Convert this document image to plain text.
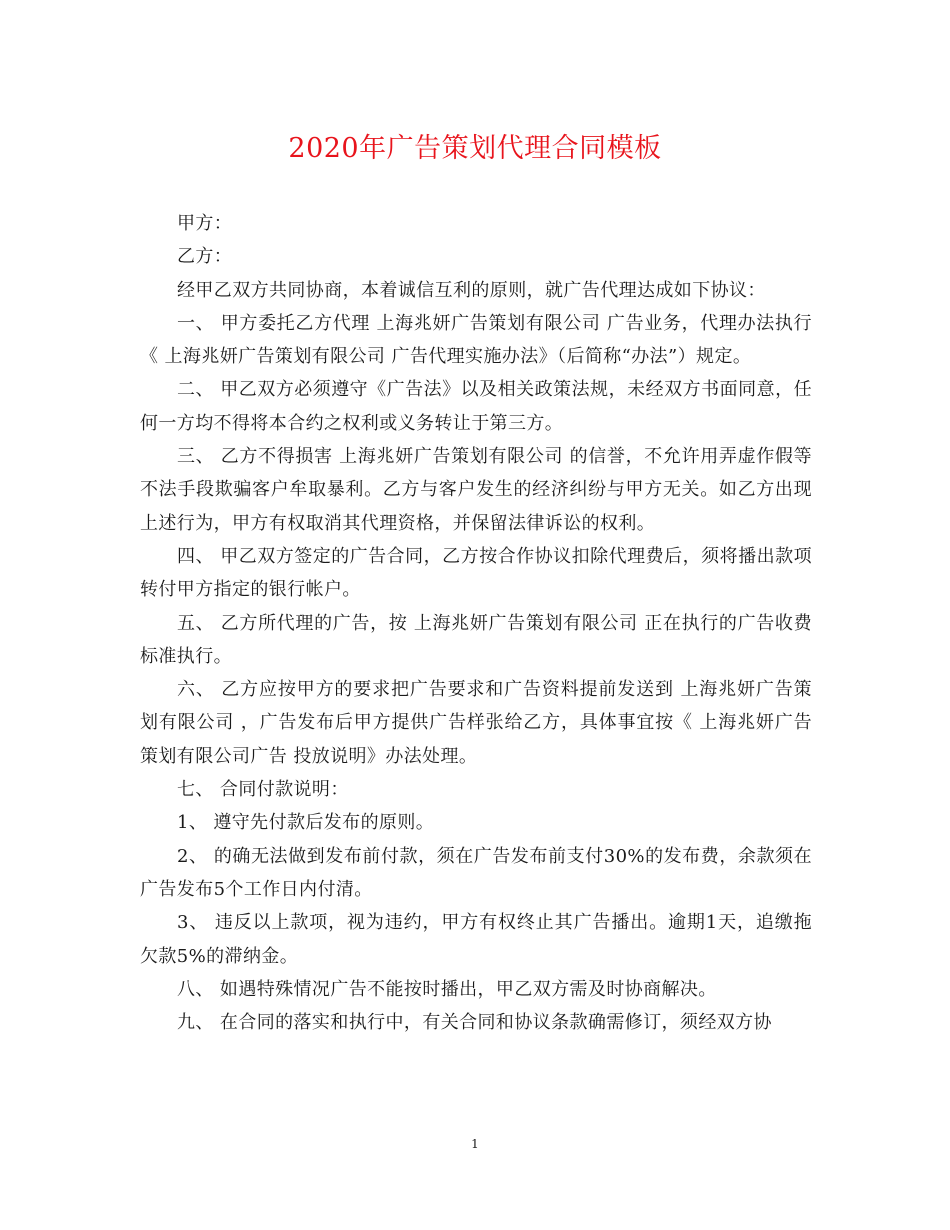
2020年广告策划代理合同模板

甲方：

乙方：

经甲乙双方共同协商，本着诚信互利的原则，就广告代理达成如下协议：

一、 甲方委托乙方代理 上海兆妍广告策划有限公司 广告业务，代理办法执行《 上海兆妍广告策划有限公司 广告代理实施办法》（后简称“办法”）规定。

二、 甲乙双方必须遵守《广告法》以及相关政策法规，未经双方书面同意，任何一方均不得将本合约之权利或义务转让于第三方。

三、 乙方不得损害 上海兆妍广告策划有限公司 的信誉，不允许用弄虚作假等不法手段欺骗客户牟取暴利。乙方与客户发生的经济纠纷与甲方无关。如乙方出现上述行为，甲方有权取消其代理资格，并保留法律诉讼的权利。

四、 甲乙双方签定的广告合同，乙方按合作协议扣除代理费后，须将播出款项转付甲方指定的银行帐户。

五、 乙方所代理的广告，按 上海兆妍广告策划有限公司 正在执行的广告收费标准执行。

六、 乙方应按甲方的要求把广告要求和广告资料提前发送到 上海兆妍广告策划有限公司 ，广告发布后甲方提供广告样张给乙方，具体事宜按《 上海兆妍广告策划有限公司广告 投放说明》办法处理。

七、 合同付款说明：

1、 遵守先付款后发布的原则。

2、 的确无法做到发布前付款，须在广告发布前支付30%的发布费，余款须在广告发布5个工作日内付清。

3、 违反以上款项，视为违约，甲方有权终止其广告播出。逾期1天，追缴拖欠款5%的滞纳金。

八、 如遇特殊情况广告不能按时播出，甲乙双方需及时协商解决。

九、 在合同的落实和执行中，有关合同和协议条款确需修订，须经双方协

1
